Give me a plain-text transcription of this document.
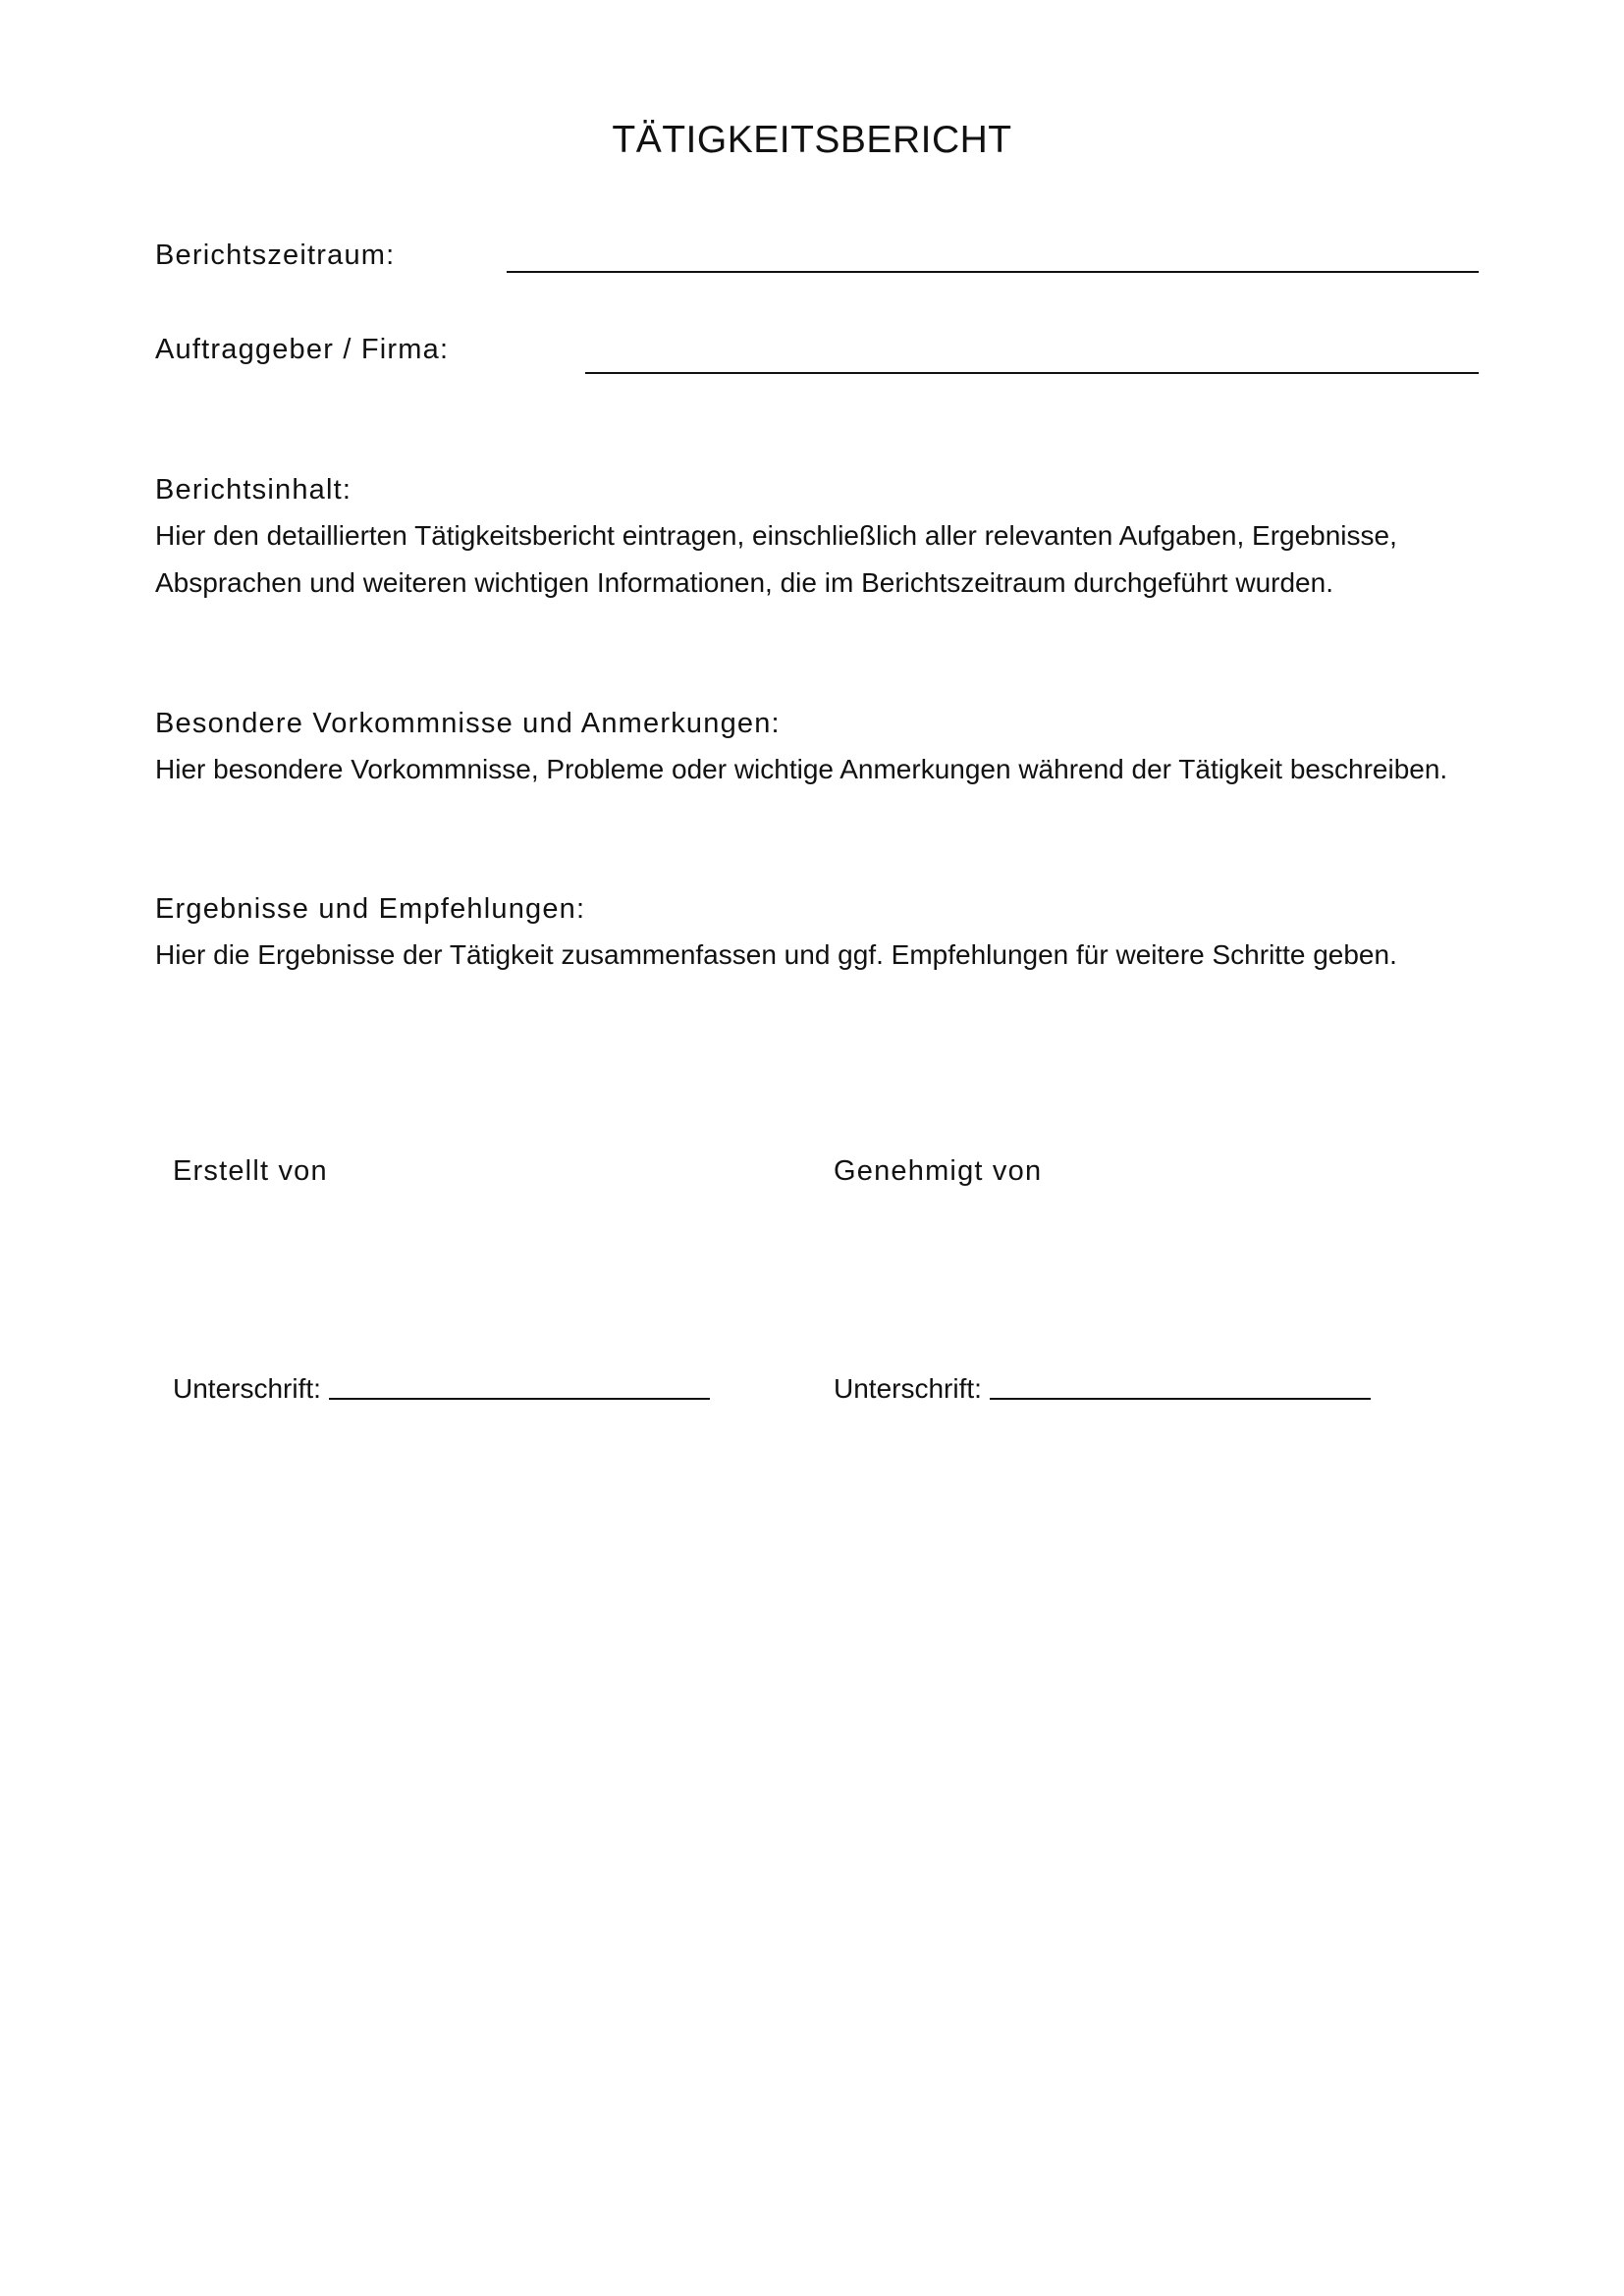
TÄTIGKEITSBERICHT
Berichtszeitraum:
Auftraggeber / Firma:
Berichtsinhalt:
Hier den detaillierten Tätigkeitsbericht eintragen, einschließlich aller relevanten Aufgaben, Ergebnisse,
Absprachen und weiteren wichtigen Informationen, die im Berichtszeitraum durchgeführt wurden.
Besondere Vorkommnisse und Anmerkungen:
Hier besondere Vorkommnisse, Probleme oder wichtige Anmerkungen während der Tätigkeit beschreiben.
Ergebnisse und Empfehlungen:
Hier die Ergebnisse der Tätigkeit zusammenfassen und ggf. Empfehlungen für weitere Schritte geben.
Erstellt von	Genehmigt von
Unterschrift:	Unterschrift:
